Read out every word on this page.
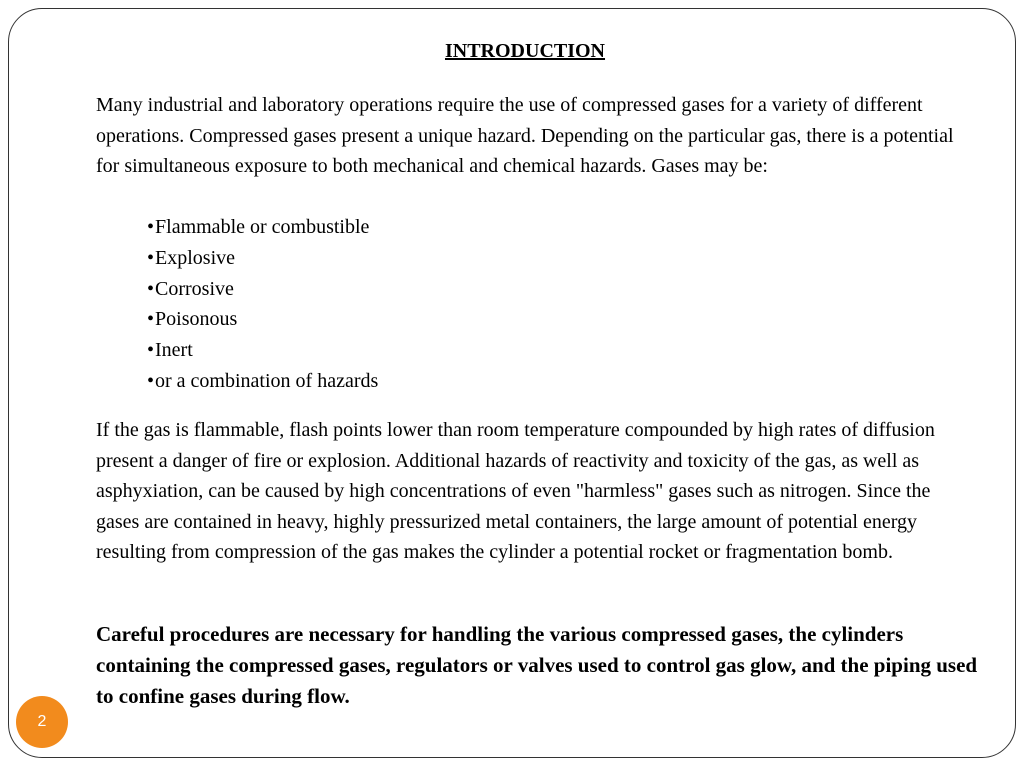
INTRODUCTION

Many industrial and laboratory operations require the use of compressed gases for a variety of different operations. Compressed gases present a unique hazard. Depending on the particular gas, there is a potential for simultaneous exposure to both mechanical and chemical hazards. Gases may be:

• Flammable or combustible
• Explosive
• Corrosive
• Poisonous
• Inert
• or a combination of hazards

If the gas is flammable, flash points lower than room temperature compounded by high rates of diffusion present a danger of fire or explosion. Additional hazards of reactivity and toxicity of the gas, as well as asphyxiation, can be caused by high concentrations of even "harmless" gases such as nitrogen. Since the gases are contained in heavy, highly pressurized metal containers, the large amount of potential energy resulting from compression of the gas makes the cylinder a potential rocket or fragmentation bomb.

Careful procedures are necessary for handling the various compressed gases, the cylinders containing the compressed gases, regulators or valves used to control gas glow, and the piping used to confine gases during flow.

2
